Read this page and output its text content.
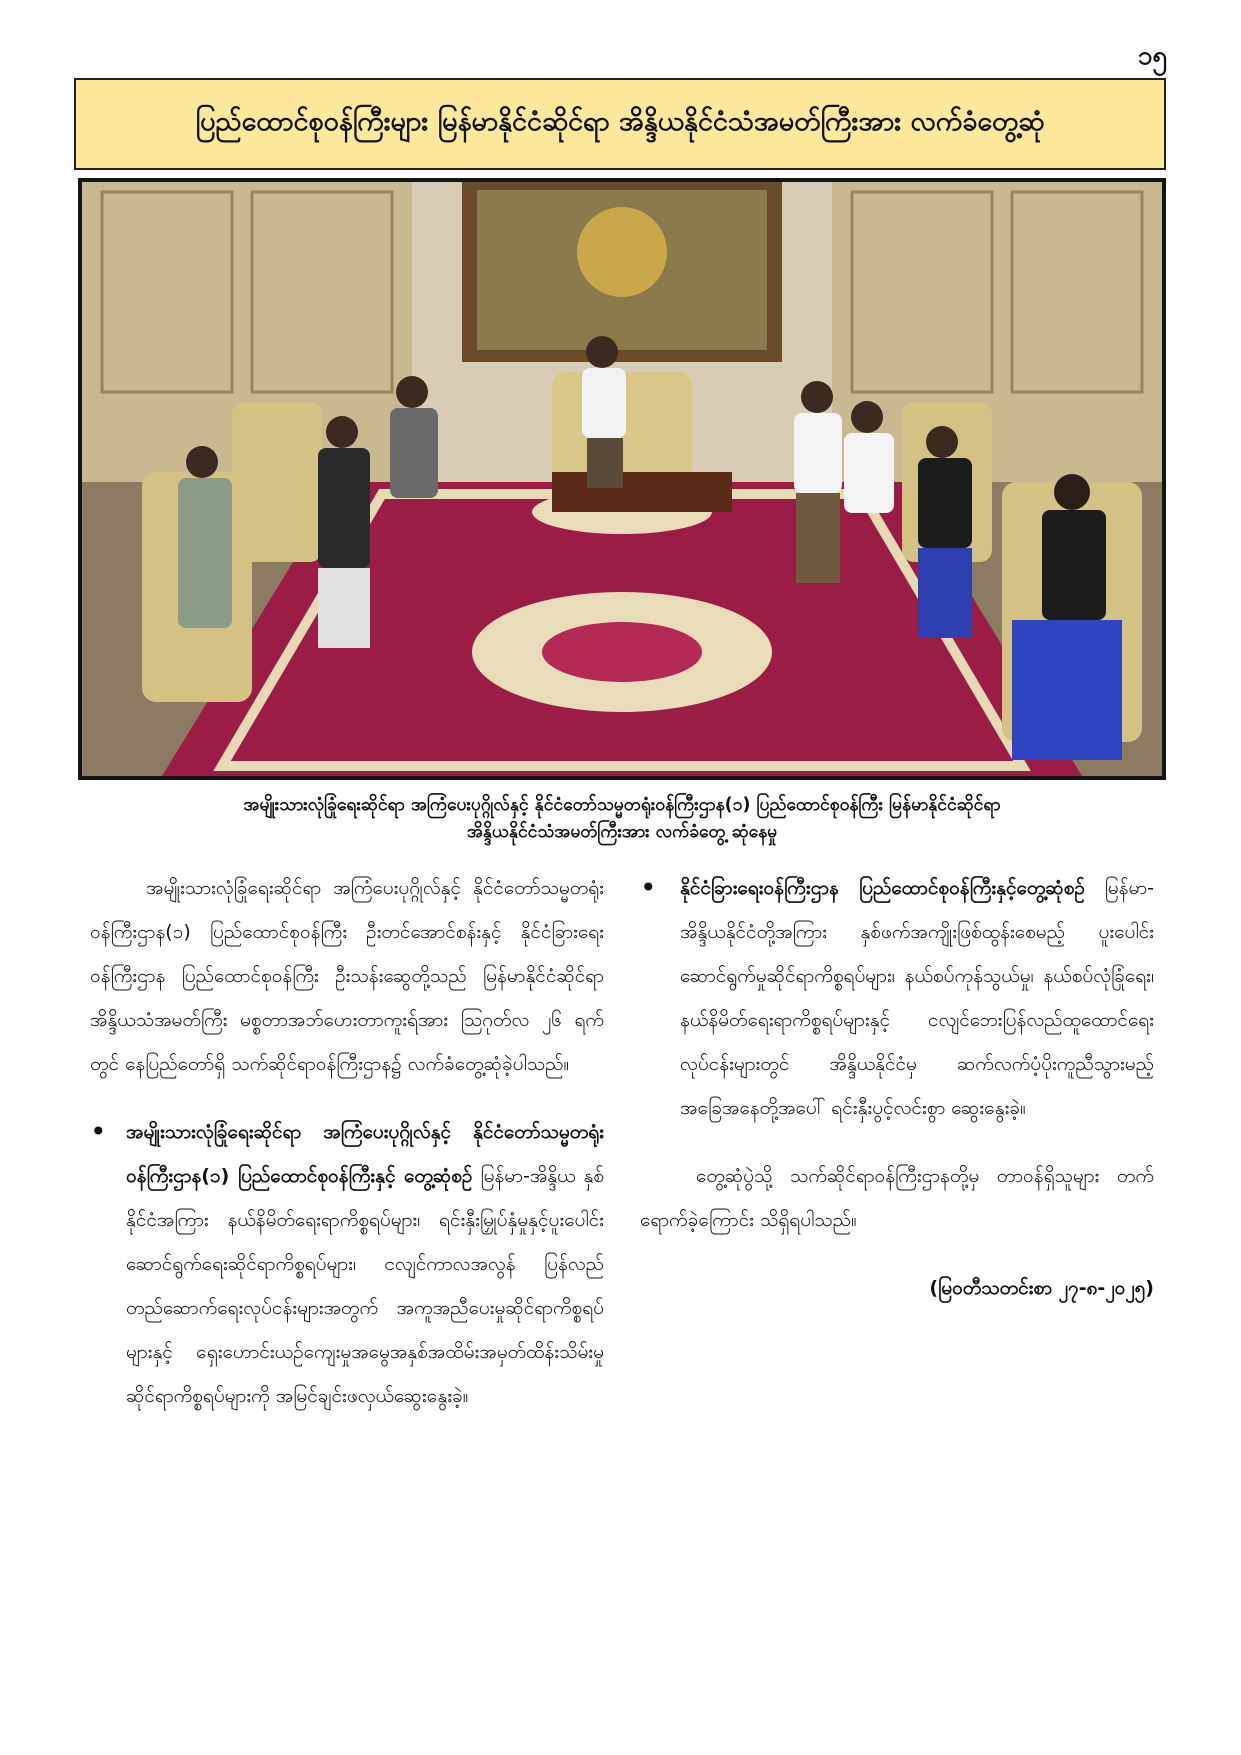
၁၅
ပြည်ထောင်စုဝန်ကြီးများ မြန်မာနိုင်ငံဆိုင်ရာ အိန္ဒိယနိုင်ငံသံအမတ်ကြီးအား လက်ခံတွေ့ဆုံ
အမျိုးသားလုံခြုံရေးဆိုင်ရာ အကြံပေးပုဂ္ဂိုလ်နှင့် နိုင်ငံတော်သမ္မတရုံးဝန်ကြီးဌာန(၁) ပြည်ထောင်စုဝန်ကြီး မြန်မာနိုင်ငံဆိုင်ရာ
အိန္ဒိယနိုင်ငံသံအမတ်ကြီးအား လက်ခံတွေ့ ဆုံနေမှု

အမျိုးသားလုံခြုံရေးဆိုင်ရာ အကြံပေးပုဂ္ဂိုလ်နှင့် နိုင်ငံတော်သမ္မတရုံးဝန်ကြီးဌာန(၁) ပြည်ထောင်စုဝန်ကြီး ဦးတင်အောင်စန်းနှင့် နိုင်ငံခြားရေးဝန်ကြီးဌာန ပြည်ထောင်စုဝန်ကြီး ဦးသန်းဆွေတို့သည် မြန်မာနိုင်ငံဆိုင်ရာ အိန္ဒိယသံအမတ်ကြီး မစ္စတာအဘ်ဟေးတာကူးရ်အား ဩဂုတ်လ ၂၆ ရက်တွင် နေပြည်တော်ရှိ သက်ဆိုင်ရာဝန်ကြီးဌာန၌ လက်ခံတွေ့ဆုံခဲ့ပါသည်။

• အမျိုးသားလုံခြုံရေးဆိုင်ရာ အကြံပေးပုဂ္ဂိုလ်နှင့် နိုင်ငံတော်သမ္မတရုံးဝန်ကြီးဌာန(၁) ပြည်ထောင်စုဝန်ကြီးနှင့် တွေ့ဆုံစဉ် မြန်မာ-အိန္ဒိယ နှစ်နိုင်ငံအကြား နယ်နိမိတ်ရေးရာကိစ္စရပ်များ၊ ရင်းနှီးမြှုပ်နှံမှုနှင့်ပူးပေါင်းဆောင်ရွက်ရေးဆိုင်ရာကိစ္စရပ်များ၊ ငလျင်ကာလအလွန် ပြန်လည်တည်ဆောက်ရေးလုပ်ငန်းများအတွက် အကူအညီပေးမှုဆိုင်ရာကိစ္စရပ်များနှင့် ရှေးဟောင်းယဉ်ကျေးမှုအမွေအနှစ်အထိမ်းအမှတ်ထိန်းသိမ်းမှုဆိုင်ရာကိစ္စရပ်များကို အမြင်ချင်းဖလှယ်ဆွေးနွေးခဲ့။
• နိုင်ငံခြားရေးဝန်ကြီးဌာန ပြည်ထောင်စုဝန်ကြီးနှင့်တွေ့ဆုံစဉ် မြန်မာ-အိန္ဒိယနိုင်ငံတို့အကြား နှစ်ဖက်အကျိုးဖြစ်ထွန်းစေမည့် ပူးပေါင်းဆောင်ရွက်မှုဆိုင်ရာကိစ္စရပ်များ၊ နယ်စပ်ကုန်သွယ်မှု၊ နယ်စပ်လုံခြုံရေး၊ နယ်နိမိတ်ရေးရာကိစ္စရပ်များနှင့် ငလျင်ဘေးပြန်လည်ထူထောင်ရေးလုပ်ငန်းများတွင် အိန္ဒိယနိုင်ငံမှ ဆက်လက်ပံ့ပိုးကူညီသွားမည့် အခြေအနေတို့အပေါ် ရင်းနှီးပွင့်လင်းစွာ ဆွေးနွေးခဲ့။

တွေ့ဆုံပွဲသို့ သက်ဆိုင်ရာဝန်ကြီးဌာနတို့မှ တာဝန်ရှိသူများ တက်ရောက်ခဲ့ကြောင်း သိရှိရပါသည်။

(မြဝတီသတင်းစာ ၂၇-၈-၂၀၂၅)
